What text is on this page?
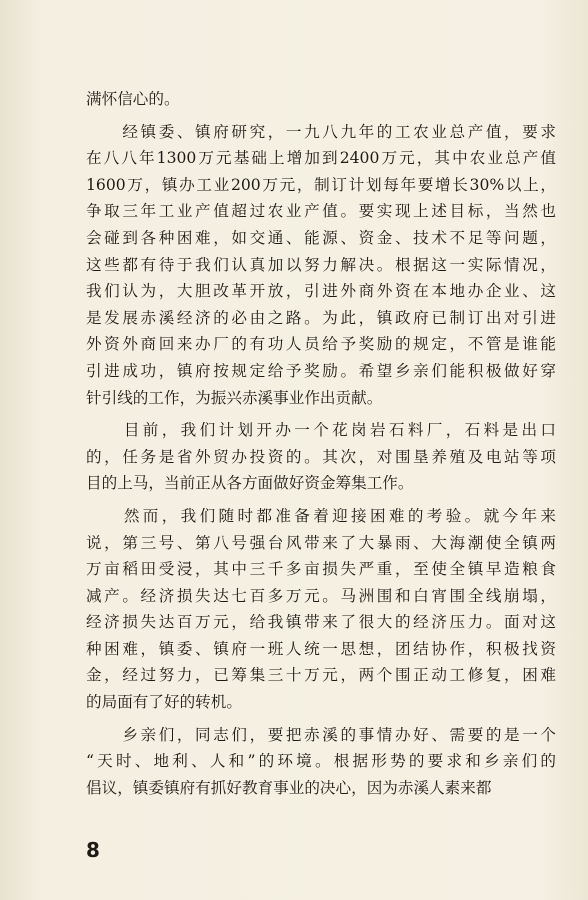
满怀信心的。
　　经镇委、镇府研究，一九八九年的工农业总产值，要求
在八八年1300万元基础上增加到2400万元，其中农业总产值
1600万，镇办工业200万元，制订计划每年要增长30%以上，
争取三年工业产值超过农业产值。要实现上述目标，当然也
会碰到各种困难，如交通、能源、资金、技术不足等问题，
这些都有待于我们认真加以努力解决。根据这一实际情况，
我们认为，大胆改革开放，引进外商外资在本地办企业、这
是发展赤溪经济的必由之路。为此，镇政府已制订出对引进
外资外商回来办厂的有功人员给予奖励的规定，不管是谁能
引进成功，镇府按规定给予奖励。希望乡亲们能积极做好穿
针引线的工作，为振兴赤溪事业作出贡献。
　　目前，我们计划开办一个花岗岩石料厂，石料是出口
的，任务是省外贸办投资的。其次，对围垦养殖及电站等项
目的上马，当前正从各方面做好资金筹集工作。
　　然而，我们随时都准备着迎接困难的考验。就今年来
说，第三号、第八号强台风带来了大暴雨、大海潮使全镇两
万亩稻田受浸，其中三千多亩损失严重，至使全镇早造粮食
减产。经济损失达七百多万元。马洲围和白宵围全线崩塌，
经济损失达百万元，给我镇带来了很大的经济压力。面对这
种困难，镇委、镇府一班人统一思想，团结协作，积极找资
金，经过努力，已筹集三十万元，两个围正动工修复，困难
的局面有了好的转机。
　　乡亲们，同志们，要把赤溪的事情办好、需要的是一个
“天时、地利、人和”的环境。根据形势的要求和乡亲们的
倡议，镇委镇府有抓好教育事业的决心，因为赤溪人素来都
8
